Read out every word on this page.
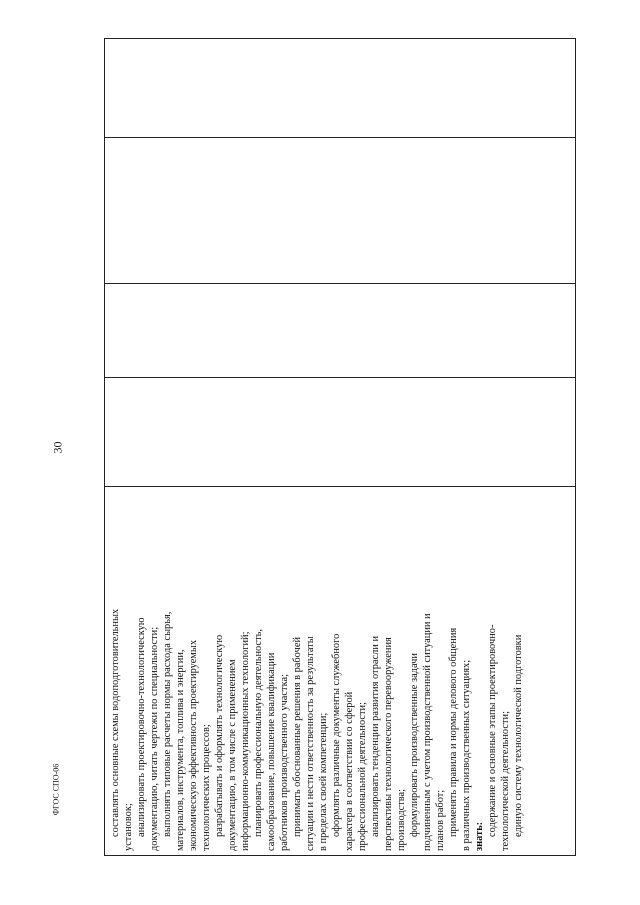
30
ФГОС СПО-06	составлять основные схемы водоподготовительных установок; анализировать проектировочно-технологическую документацию, читать чертежи по специальности; выполнять типовые расчеты нормы расхода сырья, материалов, инструмента, топлива и энергии, экономическую эффективность проектируемых технологических процессов; разрабатывать и оформлять технологическую документацию, в том числе с применением информационно-коммуникационных технологий; планировать профессиональную деятельность, самообразование, повышение квалификации работников производственного участка; принимать обоснованные решения в рабочей ситуации и нести ответственность за результаты в пределах своей компетенции; оформлять различные документы служебного характера в соответствии со сферой профессиональной деятельности; анализировать тенденции развития отрасли и перспективы технологического перевооружения производства; формулировать производственные задачи подчиненным с учетом производственной ситуации и планов работ; применять правила и нормы делового общения в различных производственных ситуациях; знать: содержание и основные этапы проектировочно- технологической деятельности; единую систему технологической подготовки
